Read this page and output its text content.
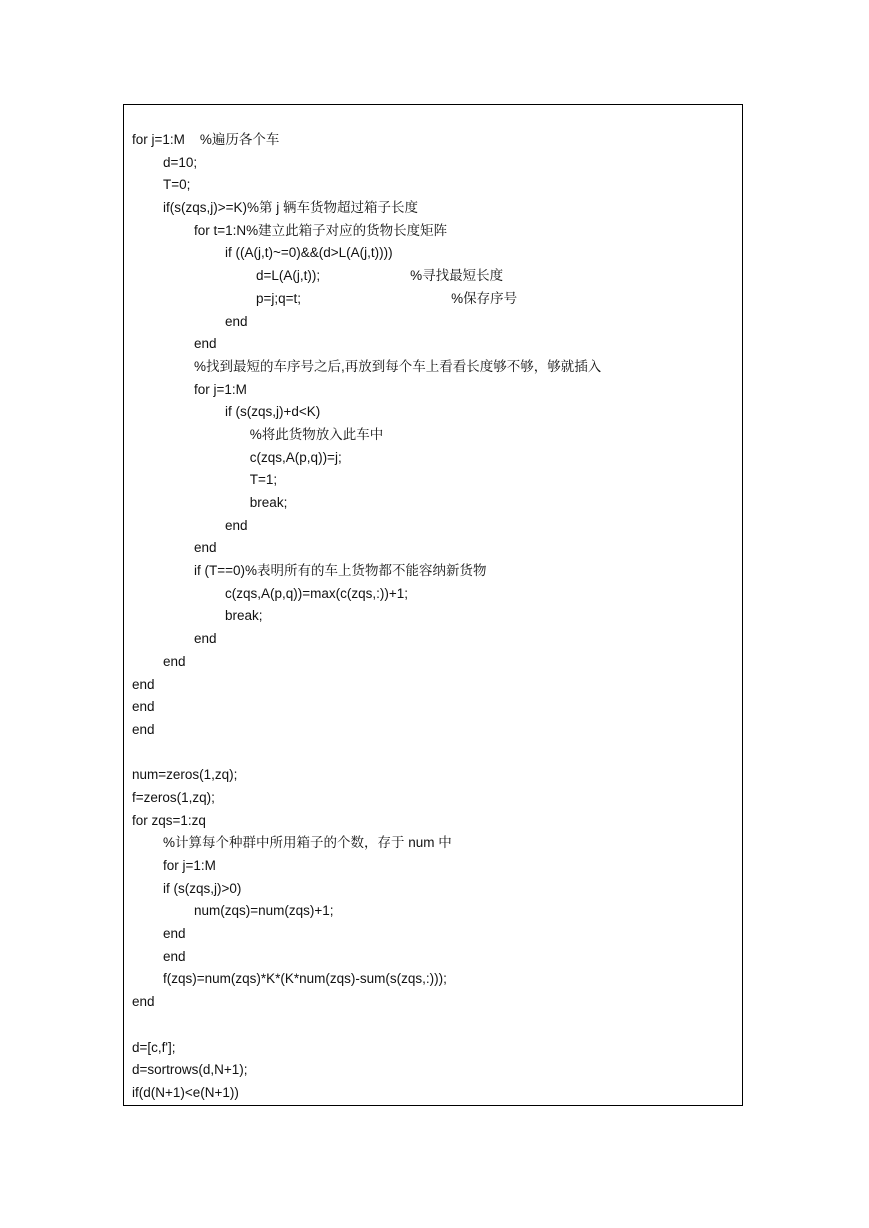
for j=1:M    %遍历各个车
d=10;
T=0;
if(s(zqs,j)>=K)%第 j 辆车货物超过箱子长度
for t=1:N%建立此箱子对应的货物长度矩阵
if ((A(j,t)~=0)&&(d>L(A(j,t))))
d=L(A(j,t));                        %寻找最短长度
p=j;q=t;                                        %保存序号
end
end
%找到最短的车序号之后,再放到每个车上看看长度够不够，够就插入
for j=1:M
if (s(zqs,j)+d<K)
%将此货物放入此车中
c(zqs,A(p,q))=j;
T=1;
break;
end
end
if (T==0)%表明所有的车上货物都不能容纳新货物
c(zqs,A(p,q))=max(c(zqs,:))+1;
break;
end
end
end
end
end
num=zeros(1,zq);
f=zeros(1,zq);
for zqs=1:zq
%计算每个种群中所用箱子的个数，存于 num 中
for j=1:M
if (s(zqs,j)>0)
num(zqs)=num(zqs)+1;
end
end
f(zqs)=num(zqs)*K*(K*num(zqs)-sum(s(zqs,:)));
end
d=[c,f'];
d=sortrows(d,N+1);
if(d(N+1)<e(N+1))
